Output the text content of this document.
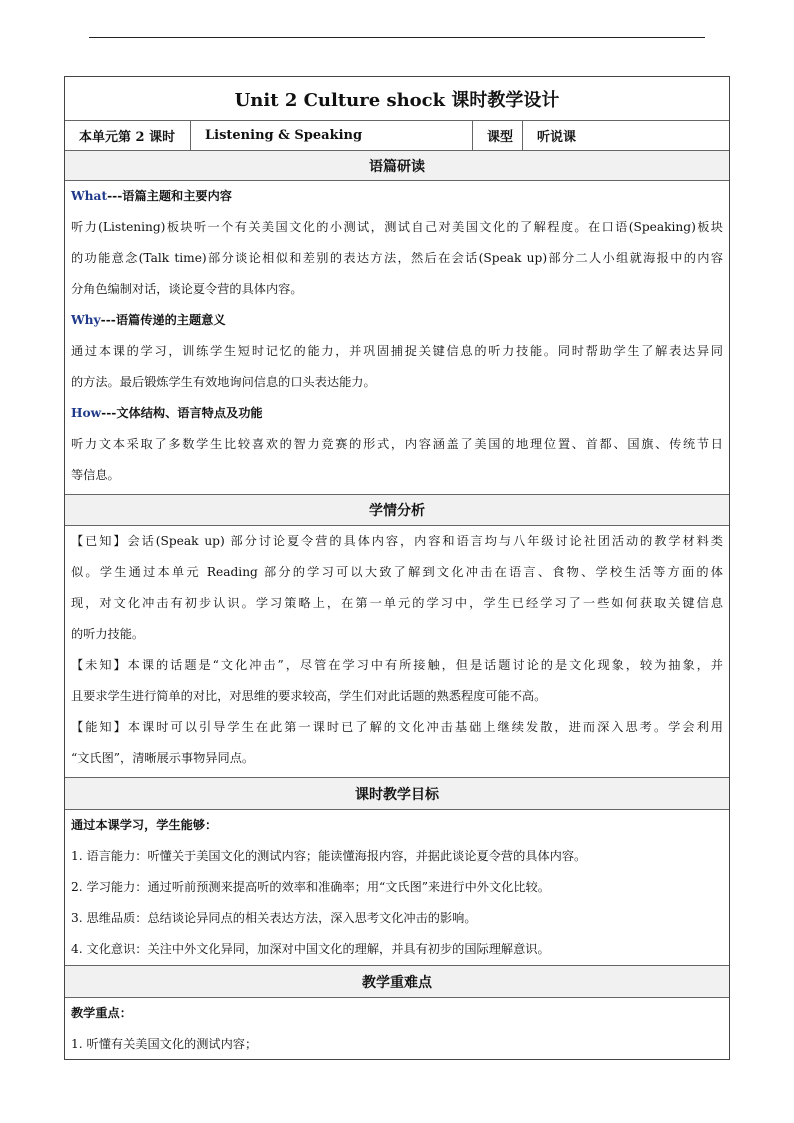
Unit 2 Culture shock 课时教学设计
本单元第 2 课时	Listening & Speaking	课型	听说课
语篇研读
What---语篇主题和主要内容
听力(Listening)板块听一个有关美国文化的小测试，测试自己对美国文化的了解程度。在口语(Speaking)板块
的功能意念(Talk time)部分谈论相似和差别的表达方法，然后在会话(Speak up)部分二人小组就海报中的内容
分角色编制对话，谈论夏令营的具体内容。
Why---语篇传递的主题意义
通过本课的学习，训练学生短时记忆的能力，并巩固捕捉关键信息的听力技能。同时帮助学生了解表达异同
的方法。最后锻炼学生有效地询问信息的口头表达能力。
How---文体结构、语言特点及功能
听力文本采取了多数学生比较喜欢的智力竞赛的形式，内容涵盖了美国的地理位置、首都、国旗、传统节日
等信息。
学情分析
【已知】会话(Speak up) 部分讨论夏令营的具体内容，内容和语言均与八年级讨论社团活动的教学材料类
似。学生通过本单元 Reading 部分的学习可以大致了解到文化冲击在语言、食物、学校生活等方面的体
现，对文化冲击有初步认识。学习策略上，在第一单元的学习中，学生已经学习了一些如何获取关键信息
的听力技能。
【未知】本课的话题是“文化冲击”，尽管在学习中有所接触，但是话题讨论的是文化现象，较为抽象，并
且要求学生进行简单的对比，对思维的要求较高，学生们对此话题的熟悉程度可能不高。
【能知】本课时可以引导学生在此第一课时已了解的文化冲击基础上继续发散，进而深入思考。学会利用
“文氏图”，清晰展示事物异同点。
课时教学目标
通过本课学习，学生能够：
1. 语言能力：听懂关于美国文化的测试内容；能读懂海报内容，并据此谈论夏令营的具体内容。
2. 学习能力：通过听前预测来提高听的效率和准确率；用“文氏图”来进行中外文化比较。
3. 思维品质：总结谈论异同点的相关表达方法，深入思考文化冲击的影响。
4. 文化意识：关注中外文化异同，加深对中国文化的理解，并具有初步的国际理解意识。
教学重难点
教学重点：
1. 听懂有关美国文化的测试内容；
